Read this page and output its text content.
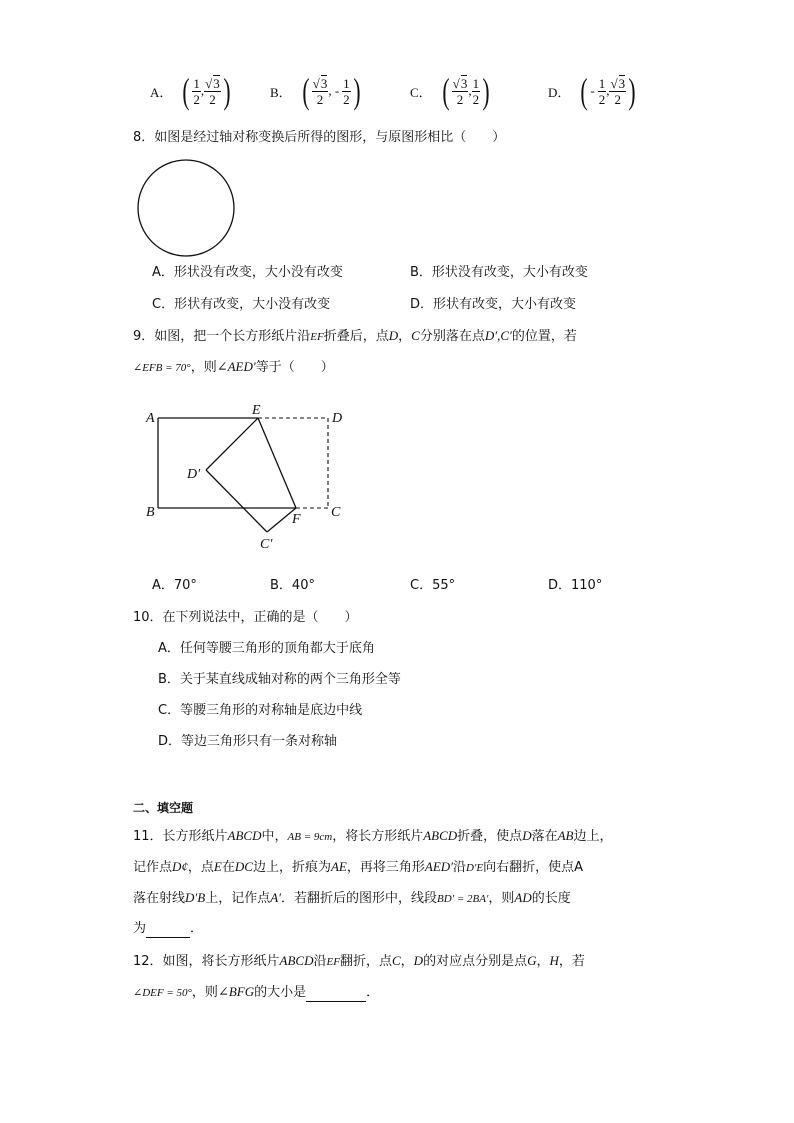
A． ( $\frac{1}{2}$ , $\frac{√3}{2}$ )	B． ( $\frac{√3}{2}$ , - $\frac{1}{2}$ )	C． ( $\frac{√3}{2}$ , $\frac{1}{2}$ )	D． ( - $\frac{1}{2}$ , $\frac{√3}{2}$ )
8．如图是经过轴对称变换后所得的图形，与原图形相比（　　）
A．形状没有改变，大小没有改变	B．形状没有改变，大小有改变
C．形状有改变，大小没有改变	D．形状有改变，大小有改变
9．如图，把一个长方形纸片沿EF折叠后，点D，C分别落在点D′,C′的位置，若
∠EFB = 70°，则∠AED′等于（　　）
A
E
D
D′
B	F C
C′
A．70°	B．40°	C．55°	D．110°
10．在下列说法中，正确的是（　　）
A．任何等腰三角形的顶角都大于底角
B．关于某直线成轴对称的两个三角形全等
C．等腰三角形的对称轴是底边中线
D．等边三角形只有一条对称轴
二、填空题
11．长方形纸片ABCD中，AB = 9cm，将长方形纸片ABCD折叠，使点D落在AB边上，
记作点D¢，点E在DC边上，折痕为AE，再将三角形AED′沿D′E向右翻折，使点A
落在射线D′B上，记作点A′．若翻折后的图形中，线段BD′ = 2BA′，则AD的长度
为	．
12．如图，将长方形纸片ABCD沿EF翻折，点C，D的对应点分别是点G，H，若
∠DEF = 50°，则∠BFG的大小是	．
